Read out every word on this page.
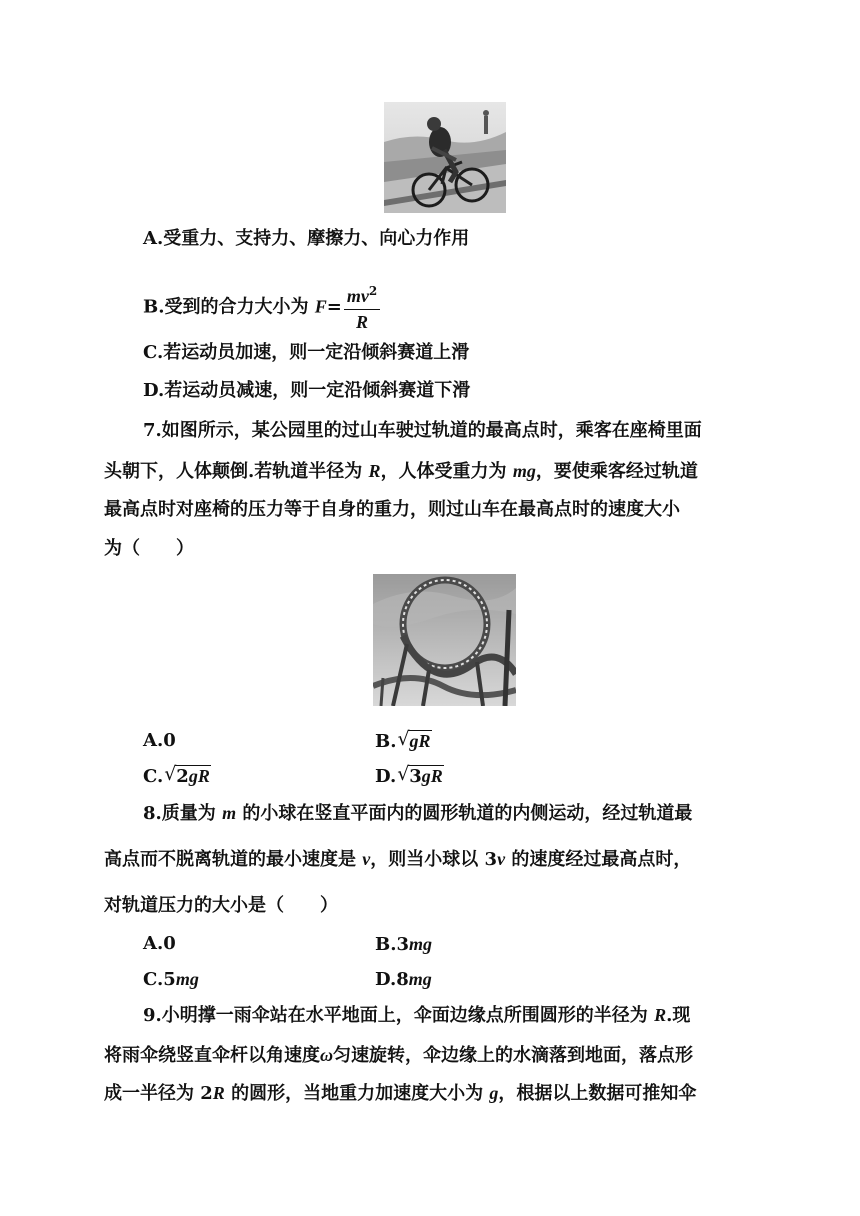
A.受重力、支持力、摩擦力、向心力作用
B.受到的合力大小为 $F= \frac{mv^2}{R}$
C.若运动员加速，则一定沿倾斜赛道上滑
D.若运动员减速，则一定沿倾斜赛道下滑
7.如图所示，某公园里的过山车驶过轨道的最高点时，乘客在座椅里面
头朝下，人体颠倒.若轨道半径为 R，人体受重力为 mg，要使乘客经过轨道
最高点时对座椅的压力等于自身的重力，则过山车在最高点时的速度大小
为（　　）
A.0	B. √ gR
C. √ 2gR	D. √ 3gR
8.质量为 m 的小球在竖直平面内的圆形轨道的内侧运动，经过轨道最
高点而不脱离轨道的最小速度是 v，则当小球以 3v 的速度经过最高点时，
对轨道压力的大小是（　　）
A.0	B.3mg
C.5mg	D.8mg
9.小明撑一雨伞站在水平地面上，伞面边缘点所围圆形的半径为 R.现
将雨伞绕竖直伞杆以角速度ω匀速旋转，伞边缘上的水滴落到地面，落点形
成一半径为 2R 的圆形，当地重力加速度大小为 g，根据以上数据可推知伞
